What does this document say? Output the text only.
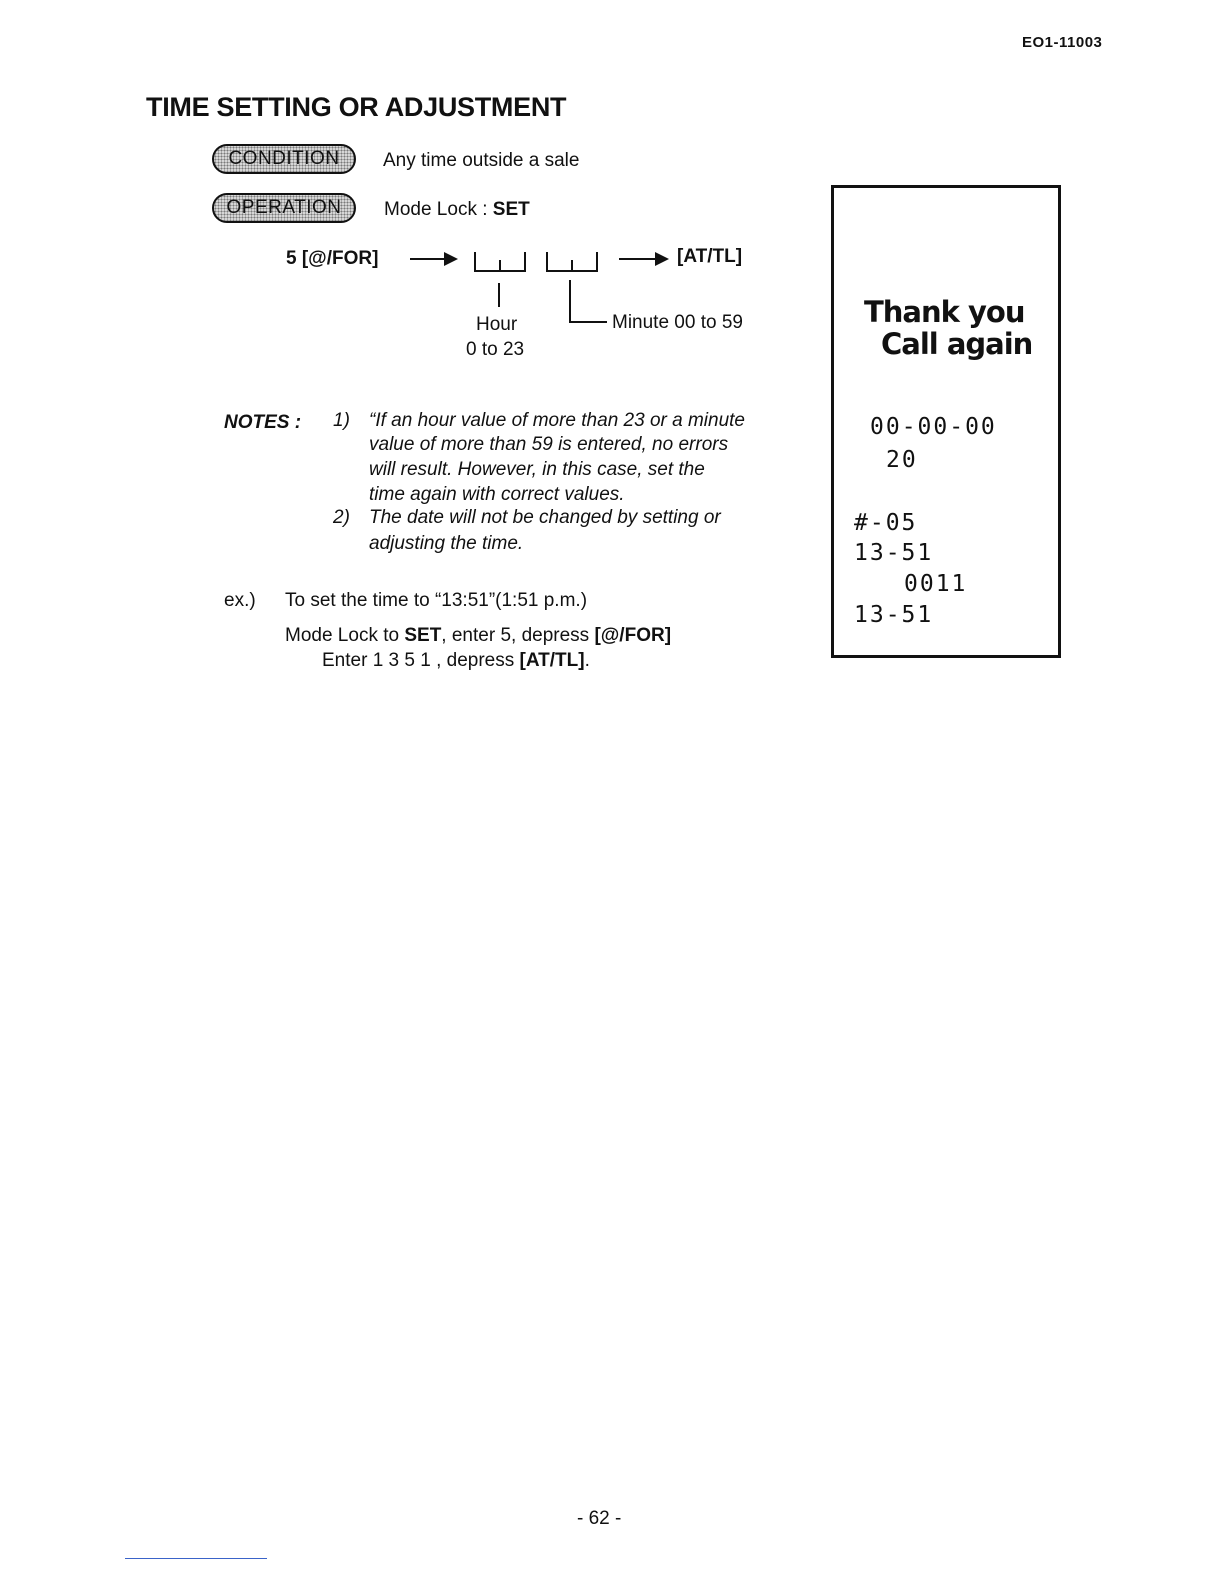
EO1-11003
TIME SETTING OR ADJUSTMENT
CONDITION Any time outside a sale
OPERATION Mode Lock : SET
5 [@/FOR]	[AT/TL]
Hour
0 to 23
Minute 00 to 59
NOTES : 1) “If an hour value of more than 23 or a minute
value of more than 59 is entered, no errors
will result. However, in this case, set the
time again with correct values.
2) The date will not be changed by setting or
adjusting the time.
ex.) To set the time to “13:51”(1:51 p.m.)
Mode Lock to SET, enter 5, depress [@/FOR]
Enter 1 3 5 1 , depress [AT/TL].
Thank you
Call again
00-00-00
20
#-05
13-51
0011
13-51
- 62 -
